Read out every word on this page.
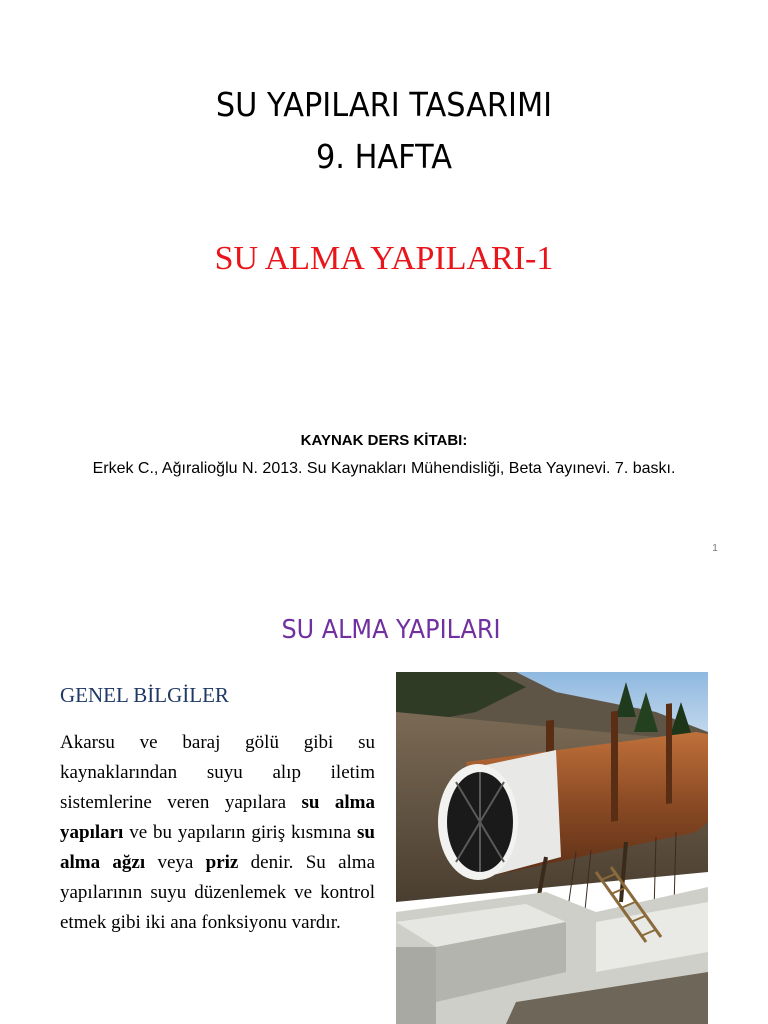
SU YAPILARI TASARIMI
9. HAFTA
SU ALMA YAPILARI-1
KAYNAK DERS KİTABI:
Erkek C., Ağıralioğlu N. 2013. Su Kaynakları Mühendisliği, Beta Yayınevi. 7. baskı.
1
SU ALMA YAPILARI
GENEL BİLGİLER
Akarsu ve baraj gölü gibi su kaynaklarından suyu alıp iletim sistemlerine veren yapılara su alma yapıları ve bu yapıların giriş kısmına su alma ağzı veya priz denir. Su alma yapılarının suyu düzenlemek ve kontrol etmek gibi iki ana fonksiyonu vardır.
